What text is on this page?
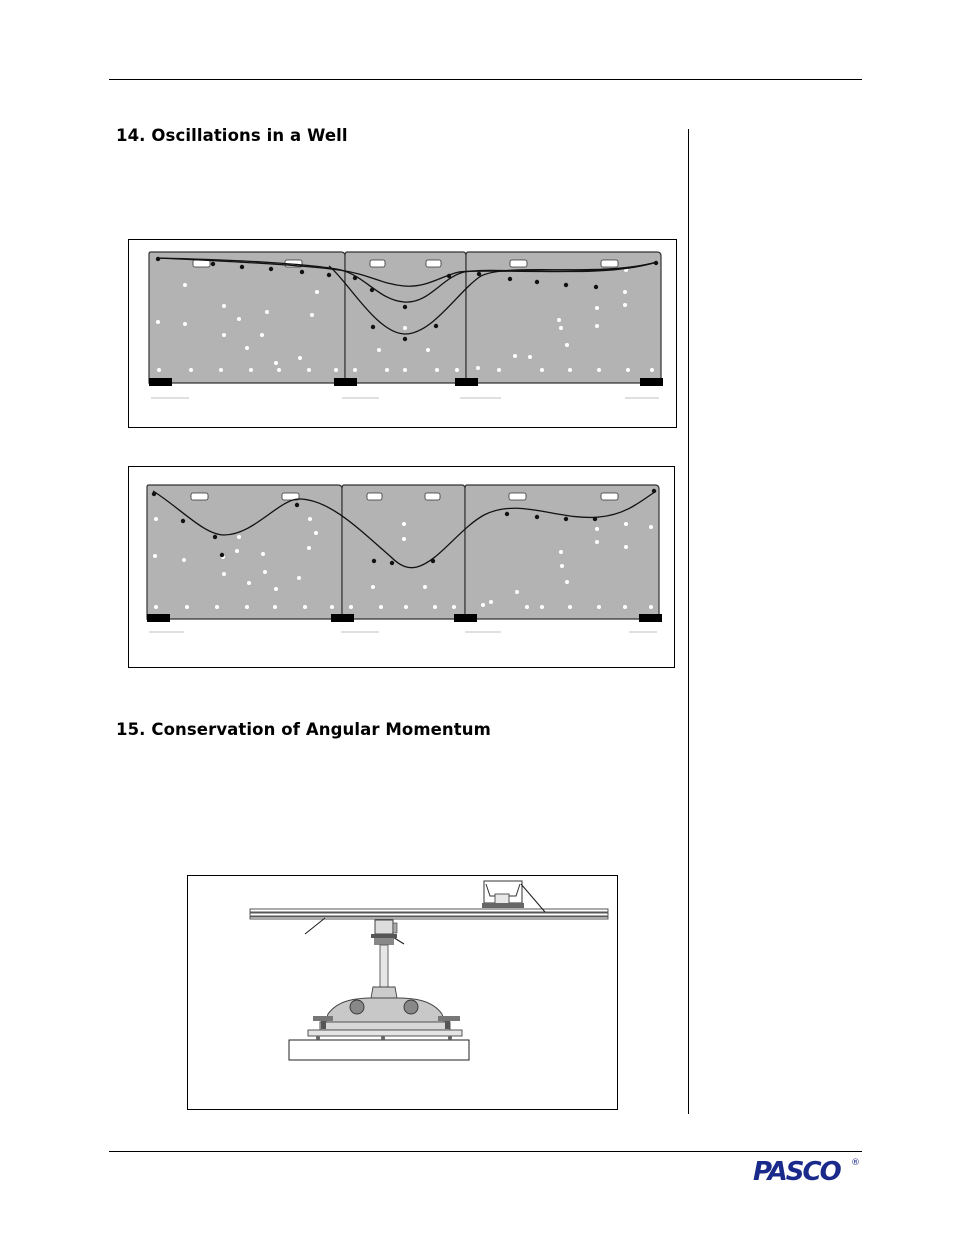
14. Oscillations in a Well
15. Conservation of Angular Momentum
PASCO ®
